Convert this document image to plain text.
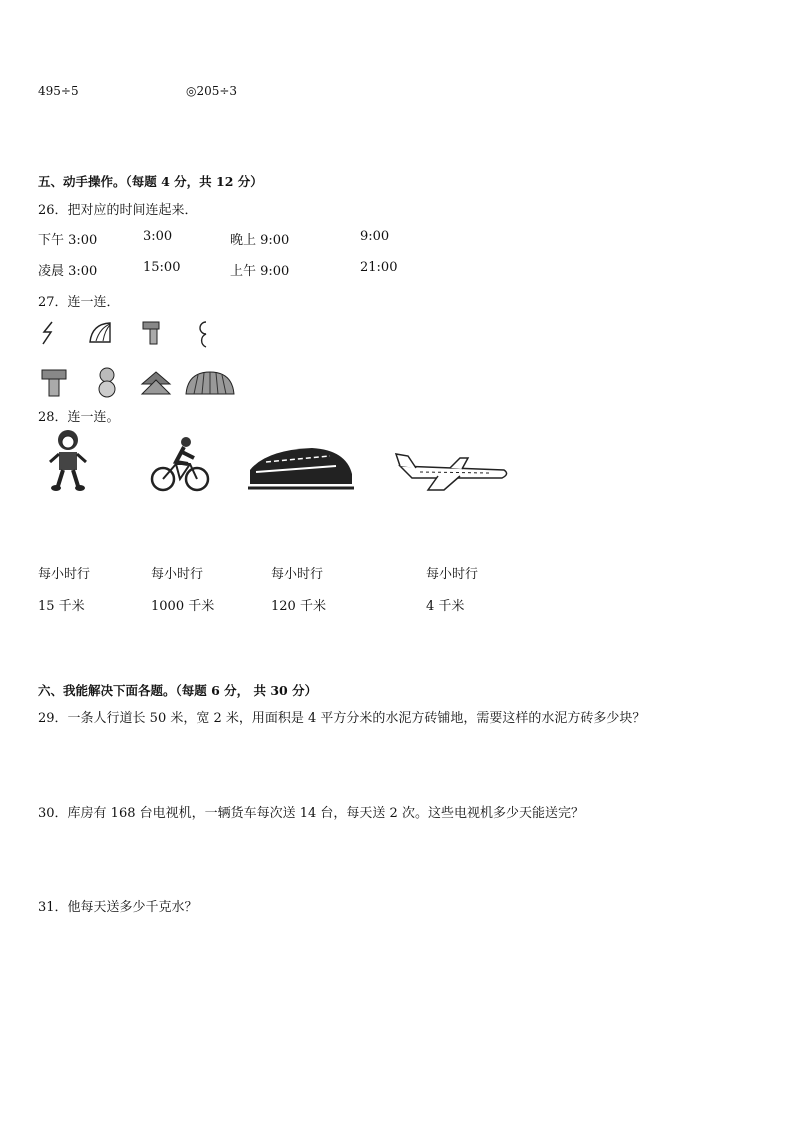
495÷5	◎205÷3
五、动手操作。（每题 4 分，共 12 分）
26．把对应的时间连起来．
下午 3:00	3:00	晚上 9:00	9:00
凌晨 3:00	15:00	上午 9:00	21:00
27．连一连．
28．连一连。
每小时行	每小时行	每小时行	每小时行
15 千米	1000 千米	120 千米	4 千米
六、我能解决下面各题。（每题 6 分， 共 30 分）
29．一条人行道长 50 米，宽 2 米，用面积是 4 平方分米的水泥方砖铺地，需要这样的水泥方砖多少块？
30．库房有 168 台电视机，一辆货车每次送 14 台，每天送 2 次。这些电视机多少天能送完？
31．他每天送多少千克水？
